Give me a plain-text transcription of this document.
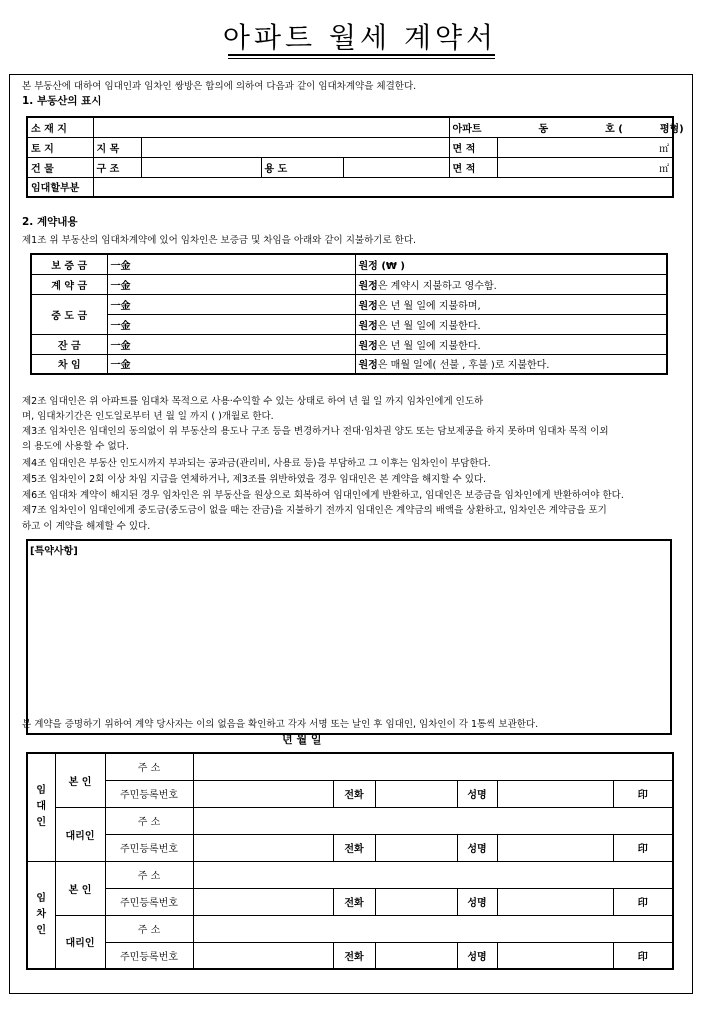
아파트 월세 계약서
본 부동산에 대하여 임대인과 임차인 쌍방은 합의에 의하여 다음과 같이 임대차계약을 체결한다.
1. 부동산의 표시
소 재 지					아파트 동 호 ( 평형)	
토 지	지 목				면 적	㎡
건 물	구 조		용 도		면 적	㎡
임대할부분						
2. 계약내용
제1조 위 부동산의 임대차계약에 있어 임차인은 보증금 및 차임을 아래와 같이 지불하기로 한다.
보 증 금	一金	원정 (₩ )
계 약 금	一金	원정은 계약시 지불하고 영수함.
중 도 금	一金	원정은 년 월 일에 지불하며,
	一金	원정은 년 월 일에 지불한다.
잔 금	一金	원정은 년 월 일에 지불한다.
차 임	一金	원정은 매월 일에( 선불 , 후불 )로 지불한다.
제2조 임대인은 위 아파트를 임대차 목적으로 사용·수익할 수 있는 상태로 하여 년 월 일 까지 임차인에게 인도하
며, 임대차기간은 인도일로부터 년 월 일 까지 ( )개월로 한다.
제3조 임차인은 임대인의 동의없이 위 부동산의 용도나 구조 등을 변경하거나 전대·임차권 양도 또는 담보제공을 하지 못하며 임대차 목적 이외
의 용도에 사용할 수 없다.
제4조 임대인은 부동산 인도시까지 부과되는 공과금(관리비, 사용료 등)을 부담하고 그 이후는 임차인이 부담한다.
제5조 임차인이 2회 이상 차임 지급을 연체하거나, 제3조를 위반하였을 경우 임대인은 본 계약을 해지할 수 있다.
제6조 임대차 계약이 해지된 경우 임차인은 위 부동산을 원상으로 회복하여 임대인에게 반환하고, 임대인은 보증금을 임차인에게 반환하여야 한다.
제7조 임차인이 임대인에게 중도금(중도금이 없을 때는 잔금)을 지불하기 전까지 임대인은 계약금의 배액을 상환하고, 임차인은 계약금을 포기
하고 이 계약을 해제할 수 있다.
[특약사항]
본 계약을 증명하기 위하여 계약 당사자는 이의 없음을 확인하고 각자 서명 또는 날인 후 임대인, 임차인이 각 1통씩 보관한다.
년 월 일
임
대
인	본 인	주 소						
		주민등록번호		전화		성명		印
	대리인	주 소						
		주민등록번호		전화		성명		印
임
차
인	본 인	주 소						
		주민등록번호		전화		성명		印
	대리인	주 소						
		주민등록번호		전화		성명		印
